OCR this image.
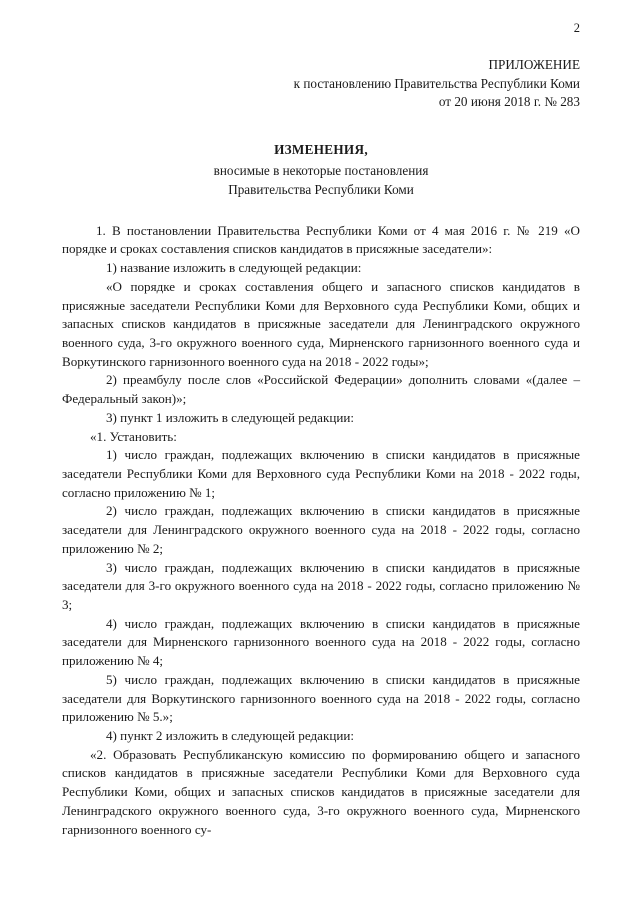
2
ПРИЛОЖЕНИЕ
к постановлению Правительства Республики Коми
от 20 июня 2018 г. № 283
ИЗМЕНЕНИЯ,
вносимые в некоторые постановления
Правительства Республики Коми

1. В постановлении Правительства Республики Коми от 4 мая 2016 г. № 219 «О порядке и сроках составления списков кандидатов в присяжные заседатели»:

1) название изложить в следующей редакции:

«О порядке и сроках составления общего и запасного списков кандидатов в присяжные заседатели Республики Коми для Верховного суда Республики Коми, общих и запасных списков кандидатов в присяжные заседатели для Ленинградского окружного военного суда, 3-го окружного военного суда, Мирненского гарнизонного военного суда и Воркутинского гарнизонного военного суда на 2018 - 2022 годы»;

2) преамбулу после слов «Российской Федерации» дополнить словами «(далее – Федеральный закон)»;

3) пункт 1 изложить в следующей редакции:

«1. Установить:

1) число граждан, подлежащих включению в списки кандидатов в присяжные заседатели Республики Коми для Верховного суда Республики Коми на 2018 - 2022 годы, согласно приложению № 1;

2) число граждан, подлежащих включению в списки кандидатов в присяжные заседатели для Ленинградского окружного военного суда на 2018 - 2022 годы, согласно приложению № 2;

3) число граждан, подлежащих включению в списки кандидатов в присяжные заседатели для 3-го окружного военного суда на 2018 - 2022 годы, согласно приложению № 3;

4) число граждан, подлежащих включению в списки кандидатов в присяжные заседатели для Мирненского гарнизонного военного суда на 2018 - 2022 годы, согласно приложению № 4;

5) число граждан, подлежащих включению в списки кандидатов в присяжные заседатели для Воркутинского гарнизонного военного суда на 2018 - 2022 годы, согласно приложению № 5.»;

4) пункт 2 изложить в следующей редакции:

«2. Образовать Республиканскую комиссию по формированию общего и запасного списков кандидатов в присяжные заседатели Республики Коми для Верховного суда Республики Коми, общих и запасных списков кандидатов в присяжные заседатели для Ленинградского окружного военного суда, 3-го окружного военного суда, Мирненского гарнизонного военного су-
